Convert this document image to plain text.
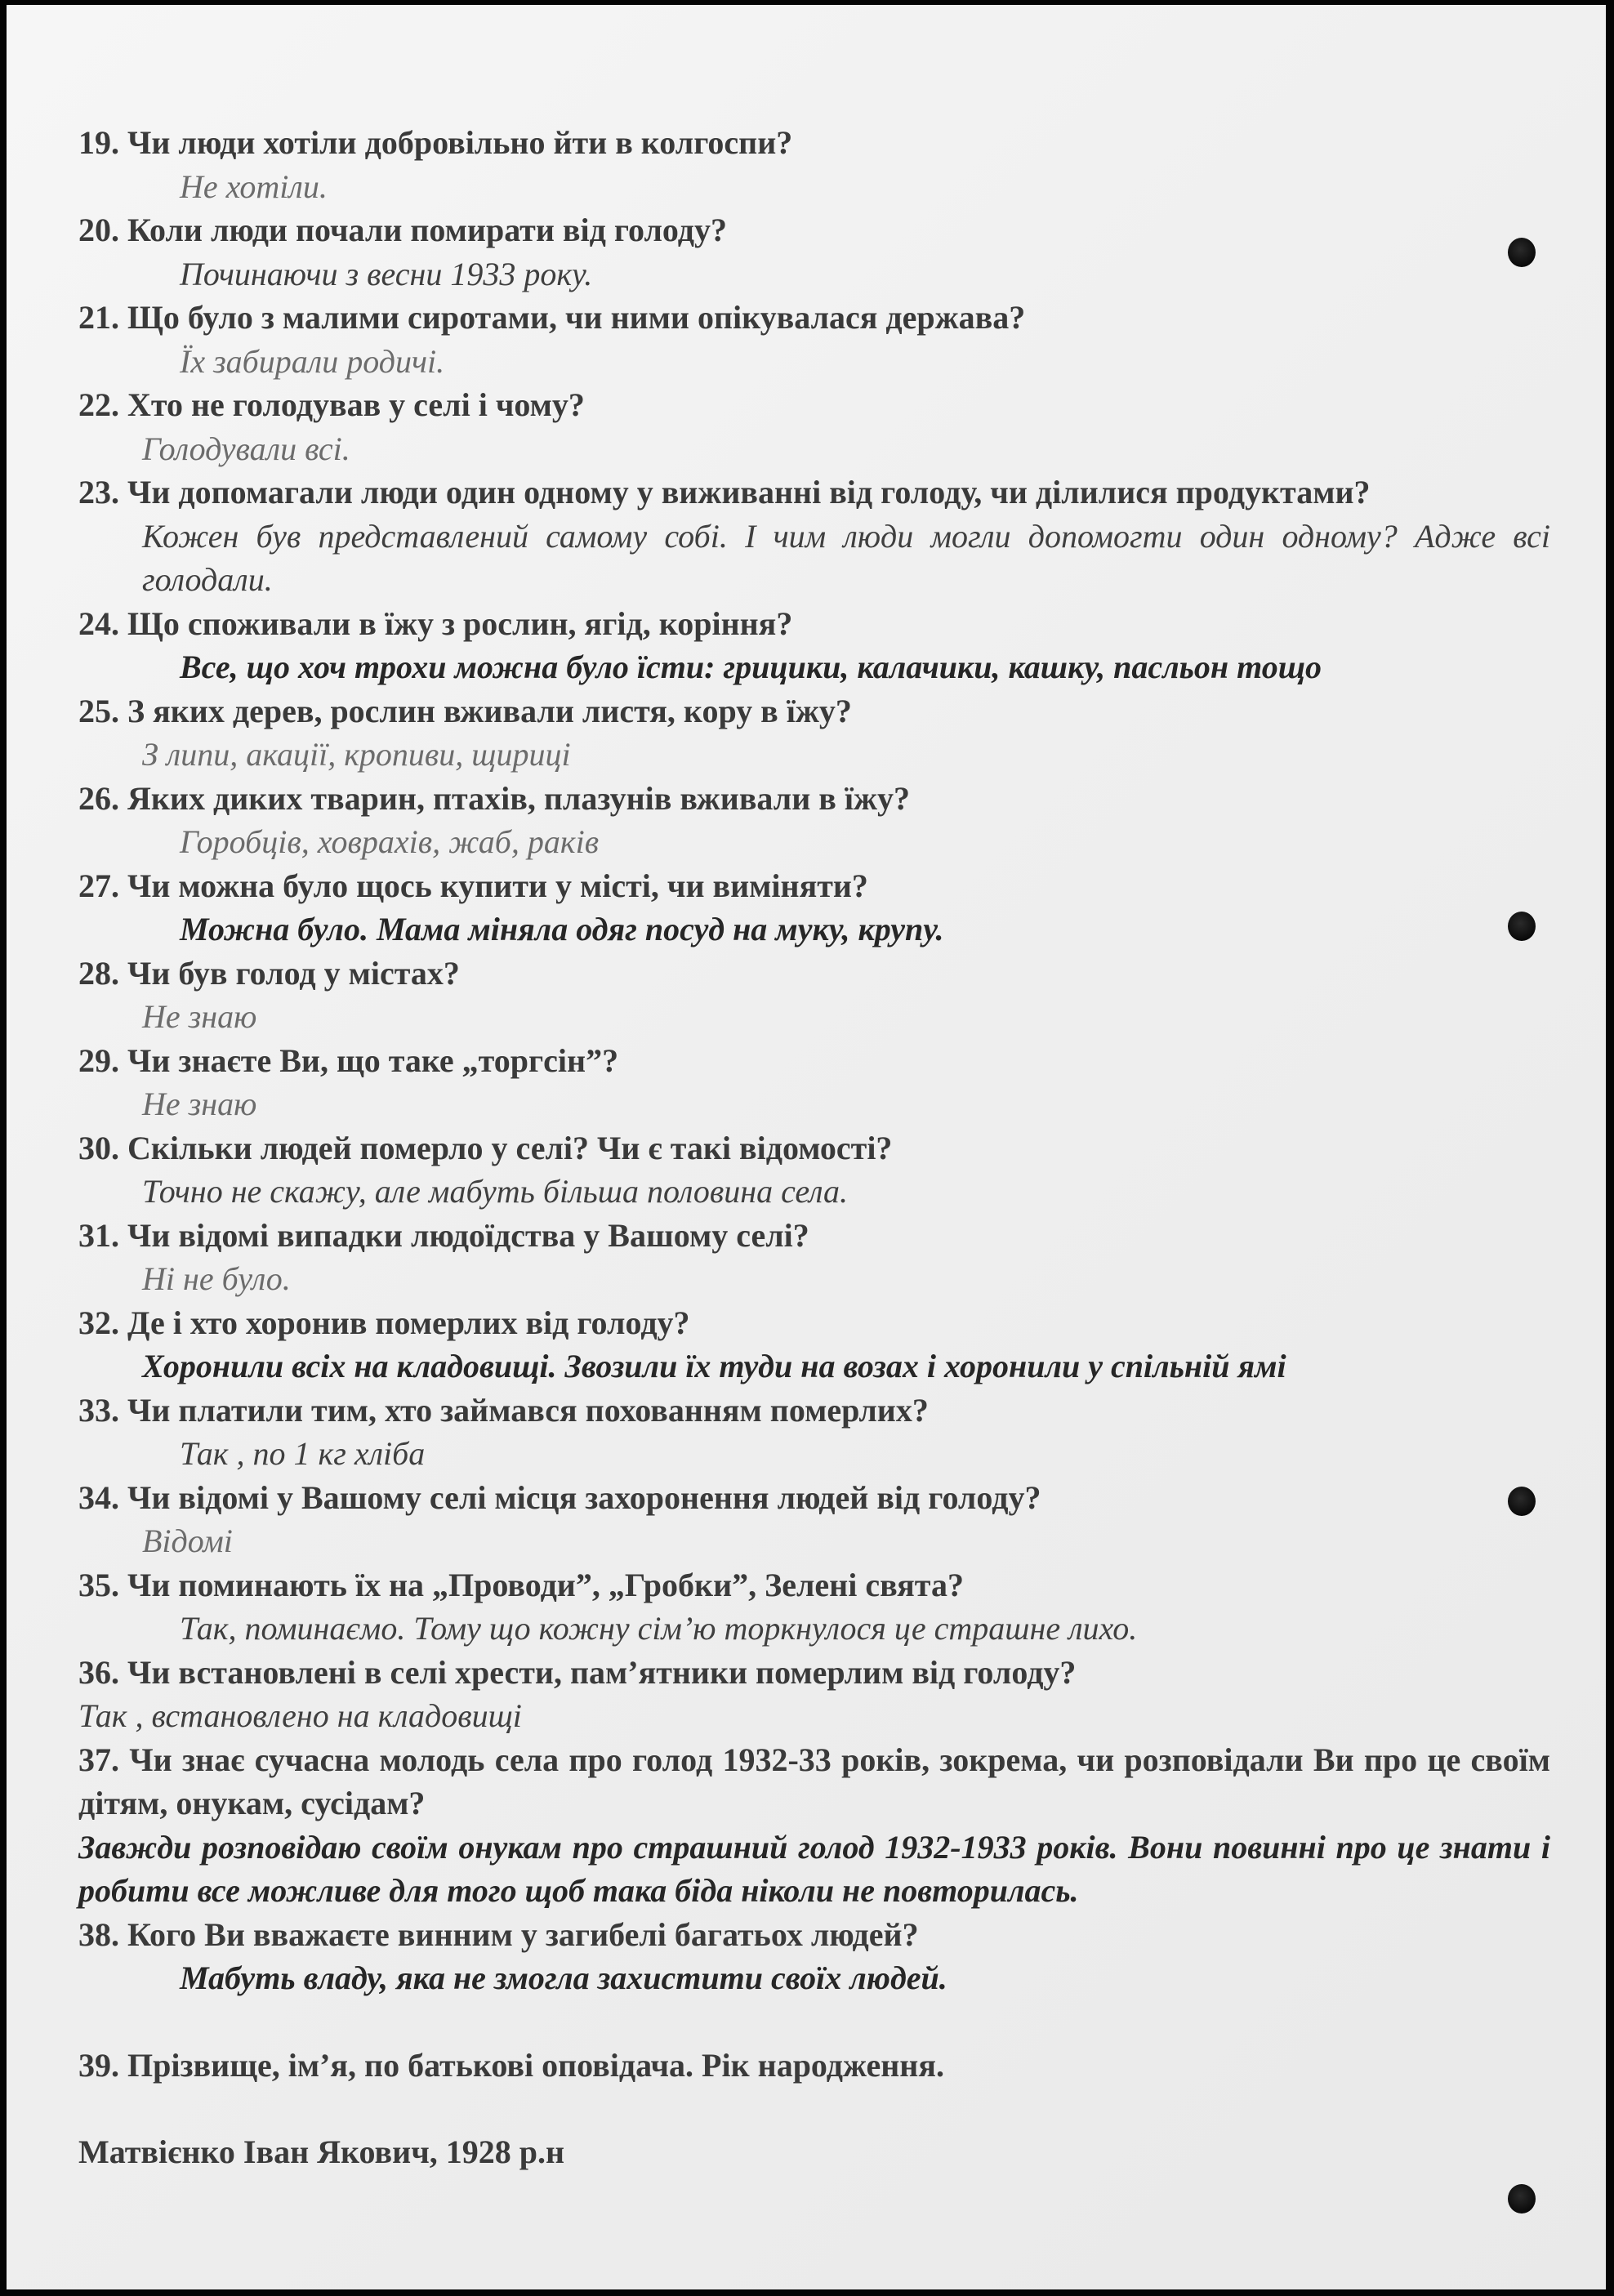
19. Чи люди хотіли добровільно йти в колгоспи?
Не хотіли.
20. Коли люди почали помирати від голоду?
Починаючи з весни 1933 року.
21. Що було з малими сиротами, чи ними опікувалася держава?
Їх забирали родичі.
22. Хто не голодував у селі і чому?
Голодували всі.
23. Чи допомагали люди один одному у виживанні від голоду, чи ділилися продуктами?
Кожен був представлений самому собі. І чим люди могли допомогти один одному? Адже всі голодали.
24. Що споживали в їжу з рослин, ягід, коріння?
Все, що хоч трохи можна було їсти: грицики, калачики, кашку, пасльон тощо
25. З яких дерев, рослин вживали листя, кору в їжу?
З липи, акації, кропиви, щириці
26. Яких диких тварин, птахів, плазунів вживали в їжу?
Горобців, ховрахів, жаб, раків
27. Чи можна було щось купити у місті, чи виміняти?
Можна було. Мама міняла одяг посуд на муку, крупу.
28. Чи був голод у містах?
Не знаю
29. Чи знаєте Ви, що таке „торгсін”?
Не знаю
30. Скільки людей померло у селі? Чи є такі відомості?
Точно не скажу, але мабуть більша половина села.
31. Чи відомі випадки людоїдства у Вашому селі?
Ні не було.
32. Де і хто хоронив померлих від голоду?
Хоронили всіх на кладовищі. Звозили їх туди на возах і хоронили у спільній ямі
33. Чи платили тим, хто займався похованням померлих?
Так , по 1 кг хліба
34. Чи відомі у Вашому селі місця захоронення людей від голоду?
Відомі
35. Чи поминають їх на „Проводи”, „Гробки”, Зелені свята?
Так, поминаємо. Тому що кожну сім’ю торкнулося це страшне лихо.
36. Чи встановлені в селі хрести, пам’ятники померлим від голоду?
Так , встановлено на кладовищі
37. Чи знає сучасна молодь села про голод 1932-33 років, зокрема, чи розповідали Ви про це своїм дітям, онукам, сусідам?
Завжди розповідаю своїм онукам про страшний голод 1932-1933 років. Вони повинні про це знати і робити все можливе для того щоб така біда ніколи не повторилась.
38. Кого Ви вважаєте винним у загибелі багатьох людей?
Мабуть владу, яка не змогла захистити своїх людей.
39. Прізвище, ім’я, по батькові оповідача. Рік народження.
Матвієнко Іван Якович, 1928 р.н
